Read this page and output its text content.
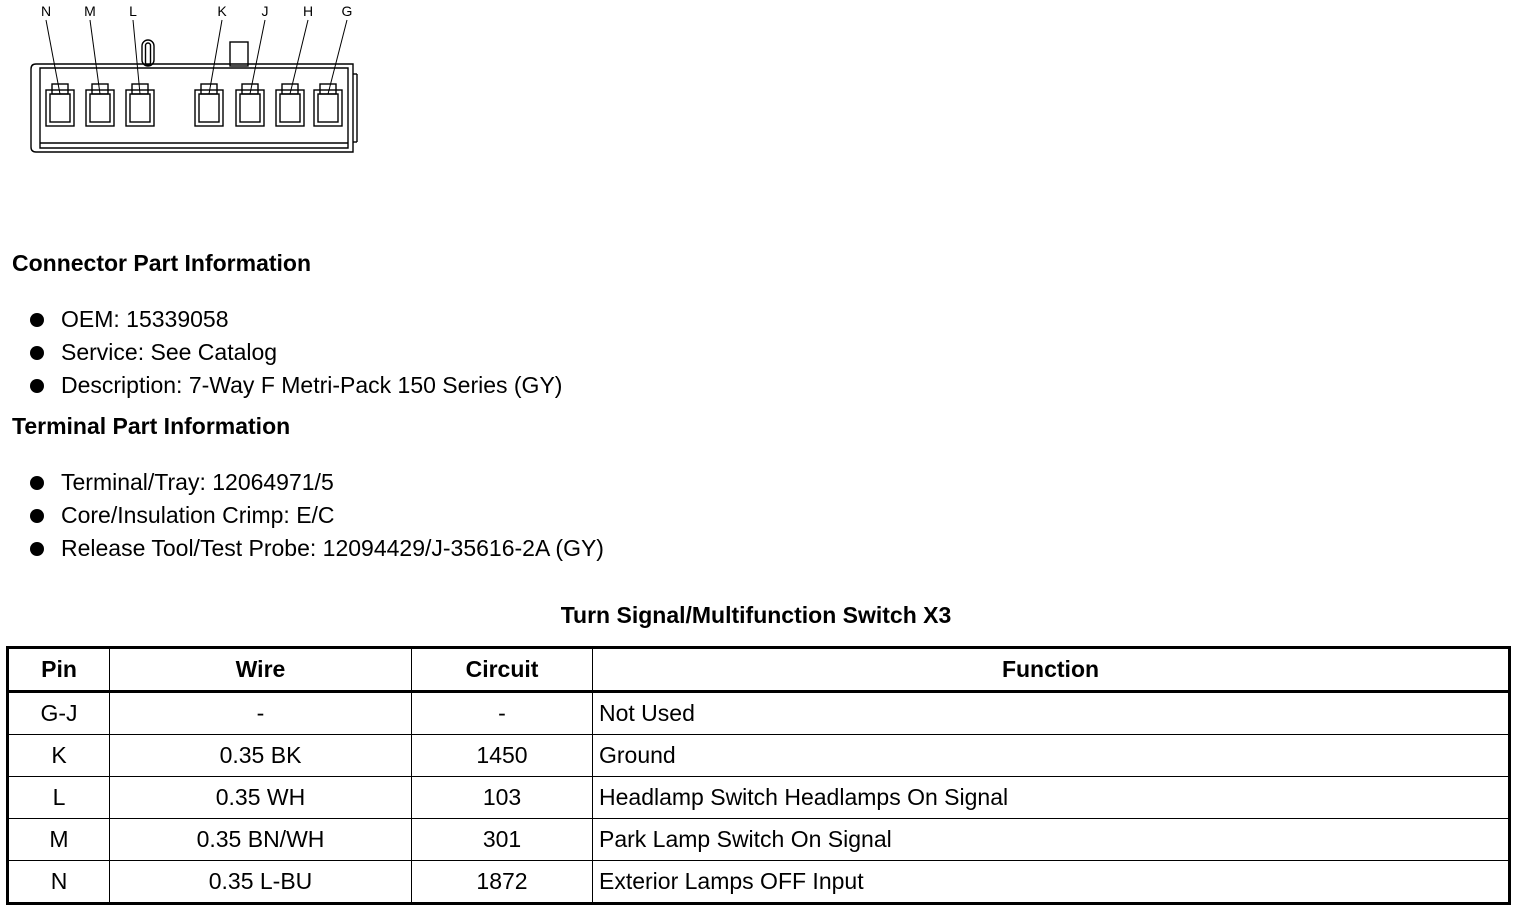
N M L	K J H G
Connector Part Information
OEM: 15339058
Service: See Catalog
Description: 7-Way F Metri-Pack 150 Series (GY)
Terminal Part Information
Terminal/Tray: 12064971/5
Core/Insulation Crimp: E/C
Release Tool/Test Probe: 12094429/J-35616-2A (GY)
Turn Signal/Multifunction Switch X3
Pin	Wire	Circuit	Function
G-J	-	-	Not Used
K	0.35 BK	1450	Ground
L	0.35 WH	103	Headlamp Switch Headlamps On Signal
M	0.35 BN/WH	301	Park Lamp Switch On Signal
N	0.35 L-BU	1872	Exterior Lamps OFF Input
